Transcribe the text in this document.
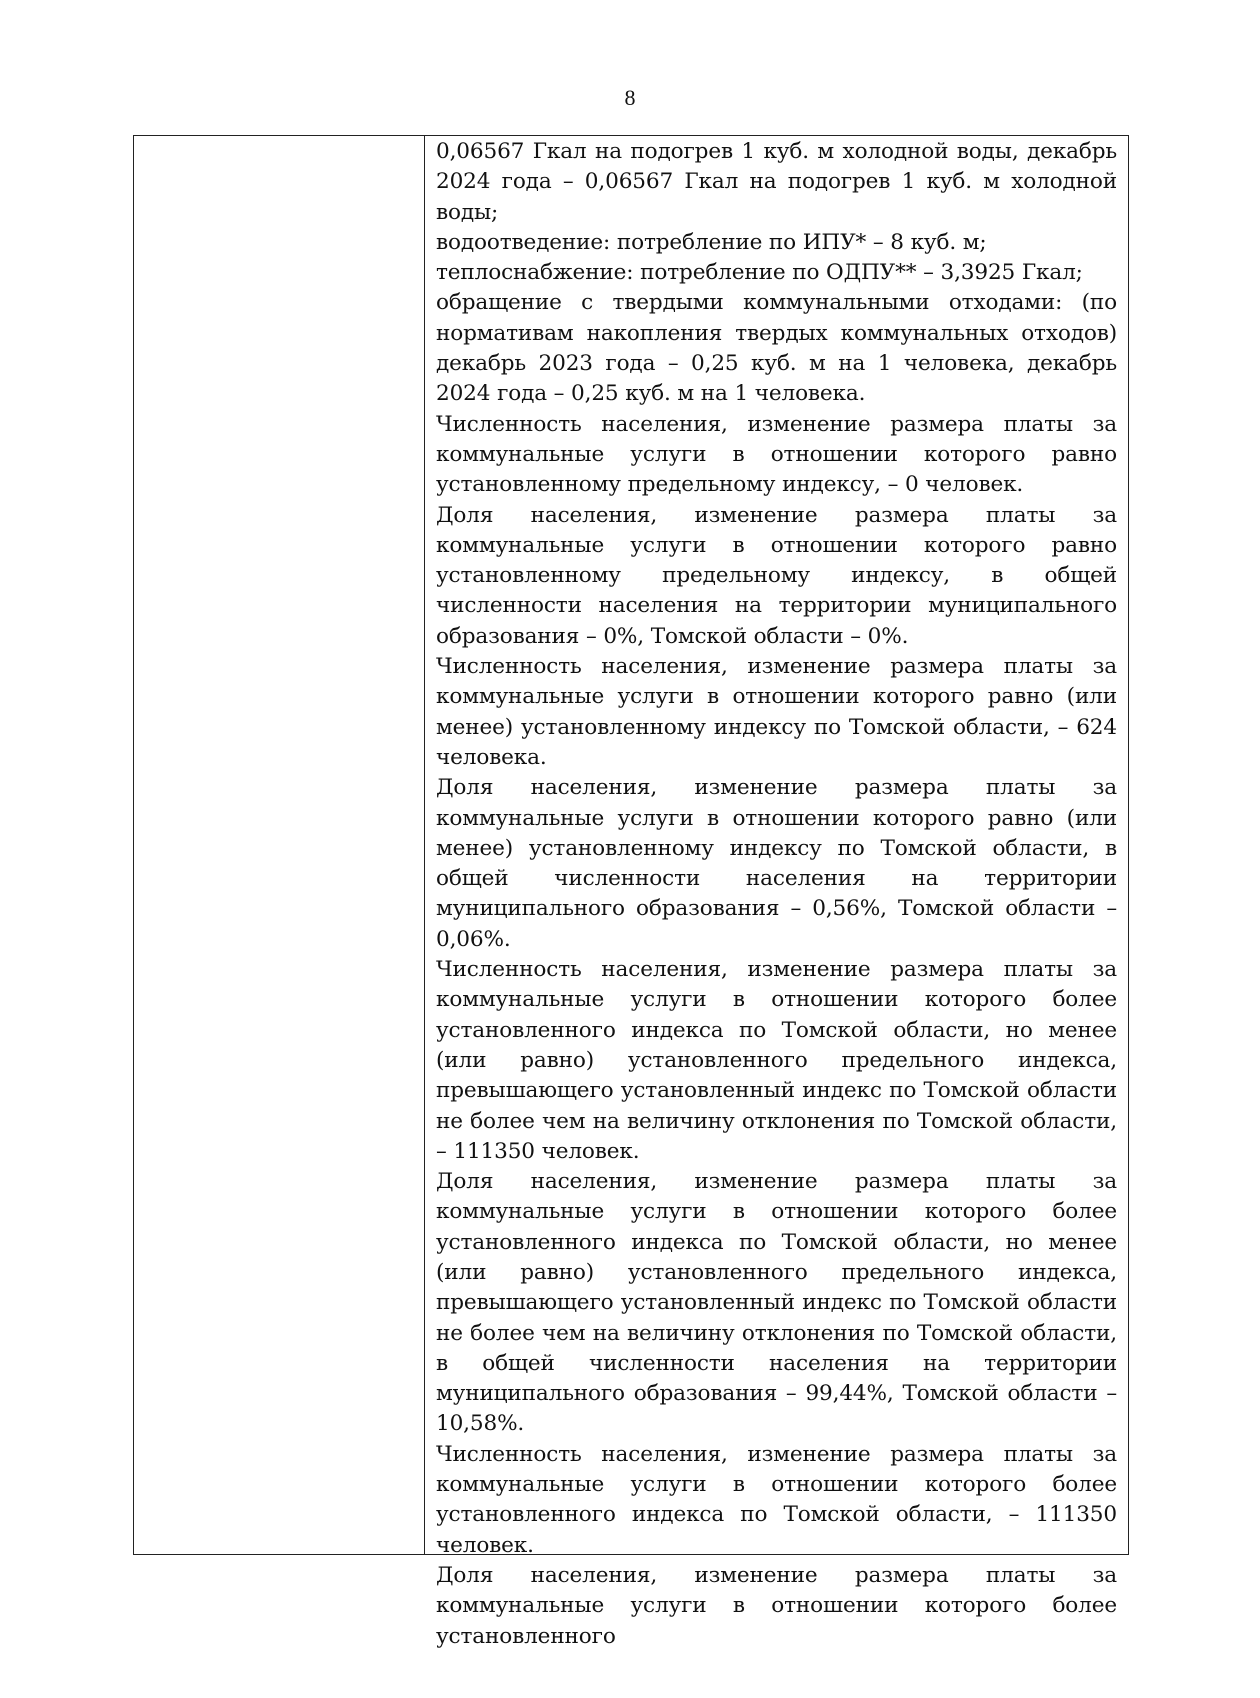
8

0,06567 Гкал на подогрев 1 куб. м холодной воды, декабрь 2024 года – 0,06567 Гкал на подогрев 1 куб. м холодной воды;

водоотведение: потребление по ИПУ* – 8 куб. м;

теплоснабжение: потребление по ОДПУ** – 3,3925 Гкал;

обращение с твердыми коммунальными отходами: (по нормативам накопления твердых коммунальных отходов) декабрь 2023 года – 0,25 куб. м на 1 человека, декабрь 2024 года – 0,25 куб. м на 1 человека.

Численность населения, изменение размера платы за коммунальные услуги в отношении которого равно установленному предельному индексу, – 0 человек.

Доля населения, изменение размера платы за коммунальные услуги в отношении которого равно установленному предельному индексу, в общей численности населения на территории муниципального образования – 0%, Томской области – 0%.

Численность населения, изменение размера платы за коммунальные услуги в отношении которого равно (или менее) установленному индексу по Томской области, – 624 человека.

Доля населения, изменение размера платы за коммунальные услуги в отношении которого равно (или менее) установленному индексу по Томской области, в общей численности населения на территории муниципального образования – 0,56%, Томской области – 0,06%.

Численность населения, изменение размера платы за коммунальные услуги в отношении которого более установленного индекса по Томской области, но менее (или равно) установленного предельного индекса, превышающего установленный индекс по Томской области не более чем на величину отклонения по Томской области, – 111350 человек.

Доля населения, изменение размера платы за коммунальные услуги в отношении которого более установленного индекса по Томской области, но менее (или равно) установленного предельного индекса, превышающего установленный индекс по Томской области не более чем на величину отклонения по Томской области, в общей численности населения на территории муниципального образования – 99,44%, Томской области – 10,58%.

Численность населения, изменение размера платы за коммунальные услуги в отношении которого более установленного индекса по Томской области, – 111350 человек.

Доля населения, изменение размера платы за коммунальные услуги в отношении которого более установленного
